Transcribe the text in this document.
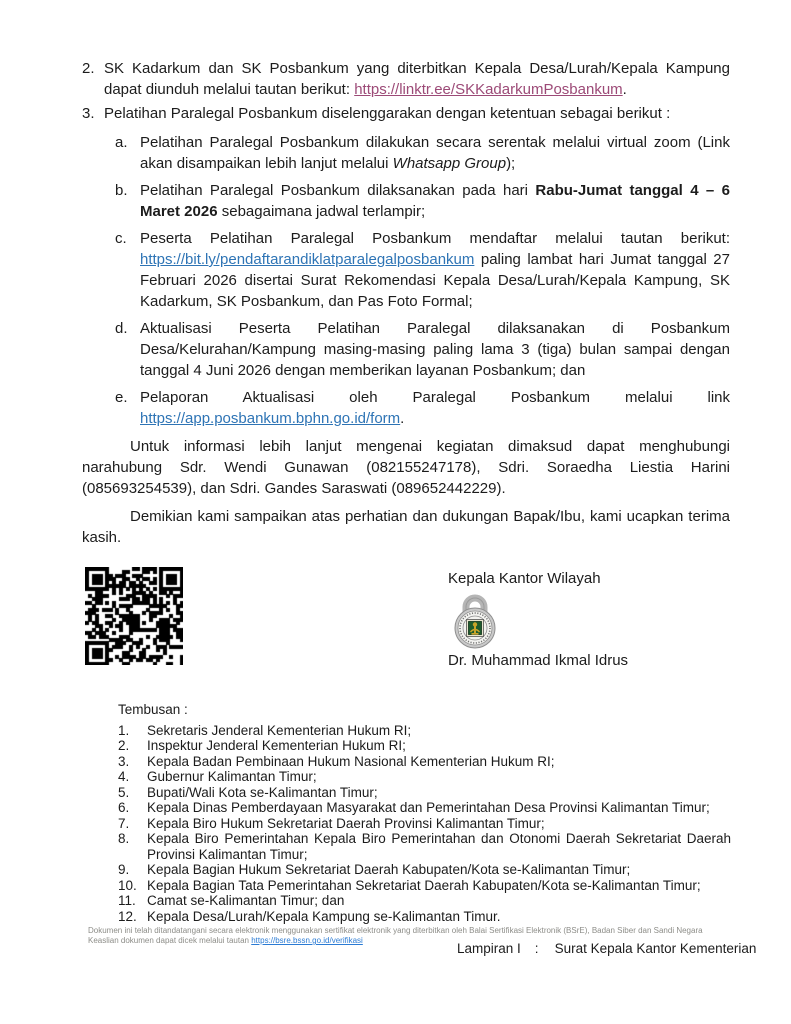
2. SK Kadarkum dan SK Posbankum yang diterbitkan Kepala Desa/Lurah/Kepala Kampung dapat diunduh melalui tautan berikut: https://linktr.ee/SKKadarkumPosbankum.
3. Pelatihan Paralegal Posbankum diselenggarakan dengan ketentuan sebagai berikut :
a. Pelatihan Paralegal Posbankum dilakukan secara serentak melalui virtual zoom (Link akan disampaikan lebih lanjut melalui Whatsapp Group);
b. Pelatihan Paralegal Posbankum dilaksanakan pada hari Rabu-Jumat tanggal 4 – 6 Maret 2026 sebagaimana jadwal terlampir;
c. Peserta Pelatihan Paralegal Posbankum mendaftar melalui tautan berikut: https://bit.ly/pendaftarandiklatparalegalposbankum paling lambat hari Jumat tanggal 27 Februari 2026 disertai Surat Rekomendasi Kepala Desa/Lurah/Kepala Kampung, SK Kadarkum, SK Posbankum, dan Pas Foto Formal;
d. Aktualisasi Peserta Pelatihan Paralegal dilaksanakan di Posbankum Desa/Kelurahan/Kampung masing-masing paling lama 3 (tiga) bulan sampai dengan tanggal 4 Juni 2026 dengan memberikan layanan Posbankum; dan
e. Pelaporan Aktualisasi oleh Paralegal Posbankum melalui link https://app.posbankum.bphn.go.id/form.

Untuk informasi lebih lanjut mengenai kegiatan dimaksud dapat menghubungi narahubung Sdr. Wendi Gunawan (082155247178), Sdri. Soraedha Liestia Harini (085693254539), dan Sdri. Gandes Saraswati (089652442229).

Demikian kami sampaikan atas perhatian dan dukungan Bapak/Ibu, kami ucapkan terima kasih.

Kepala Kantor Wilayah
Dr. Muhammad Ikmal Idrus
Tembusan :
1.	Sekretaris Jenderal Kementerian Hukum RI;
2.	Inspektur Jenderal Kementerian Hukum RI;
3.	Kepala Badan Pembinaan Hukum Nasional Kementerian Hukum RI;
4.	Gubernur Kalimantan Timur;
5.	Bupati/Wali Kota se-Kalimantan Timur;
6.	Kepala Dinas Pemberdayaan Masyarakat dan Pemerintahan Desa Provinsi Kalimantan Timur;
7.	Kepala Biro Hukum Sekretariat Daerah Provinsi Kalimantan Timur;
8.	Kepala Biro Pemerintahan Kepala Biro Pemerintahan dan Otonomi Daerah Sekretariat Daerah Provinsi Kalimantan Timur;
9.	Kepala Bagian Hukum Sekretariat Daerah Kabupaten/Kota se-Kalimantan Timur;
10. Kepala Bagian Tata Pemerintahan Sekretariat Daerah Kabupaten/Kota se-Kalimantan Timur;
11. Camat se-Kalimantan Timur; dan
12. Kepala Desa/Lurah/Kepala Kampung se-Kalimantan Timur.
Dokumen ini telah ditandatangani secara elektronik menggunakan sertifikat elektronik yang diterbitkan oleh Balai Sertifikasi Elektronik (BSrE), Badan Siber dan Sandi Negara
Keaslian dokumen dapat dicek melalui tautan https://bsre.bssn.go.id/verifikasi
Lampiran I : Surat Kepala Kantor Kementerian
